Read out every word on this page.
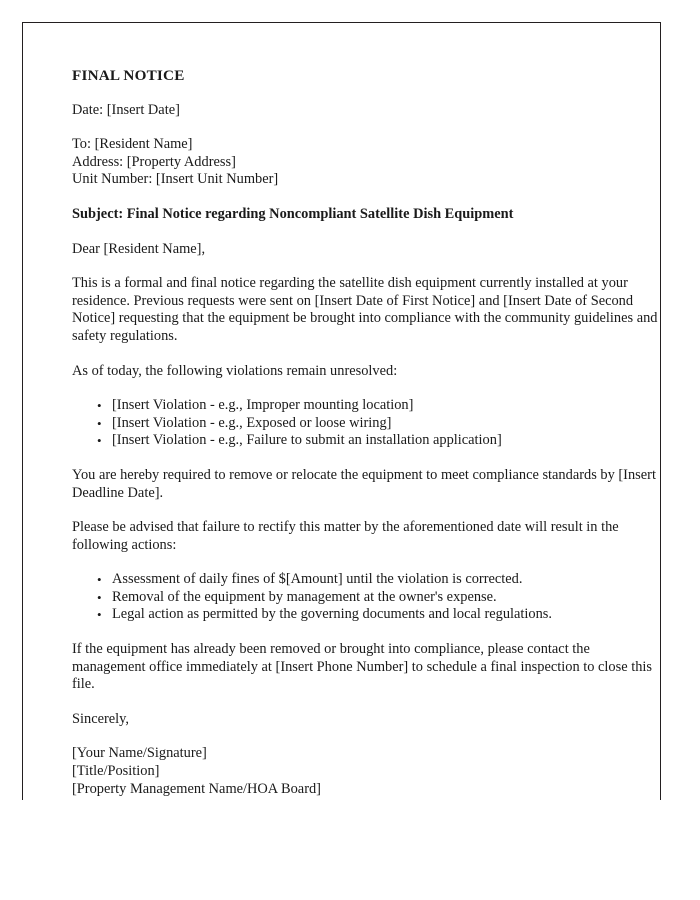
FINAL NOTICE
Date: [Insert Date]
To: [Resident Name]
Address: [Property Address]
Unit Number: [Insert Unit Number]
Subject: Final Notice regarding Noncompliant Satellite Dish Equipment
Dear [Resident Name],
This is a formal and final notice regarding the satellite dish equipment currently installed at your residence. Previous requests were sent on [Insert Date of First Notice] and [Insert Date of Second Notice] requesting that the equipment be brought into compliance with the community guidelines and safety regulations.
As of today, the following violations remain unresolved:
• [Insert Violation - e.g., Improper mounting location]
• [Insert Violation - e.g., Exposed or loose wiring]
• [Insert Violation - e.g., Failure to submit an installation application]
You are hereby required to remove or relocate the equipment to meet compliance standards by [Insert Deadline Date].
Please be advised that failure to rectify this matter by the aforementioned date will result in the following actions:
• Assessment of daily fines of $[Amount] until the violation is corrected.
• Removal of the equipment by management at the owner's expense.
• Legal action as permitted by the governing documents and local regulations.
If the equipment has already been removed or brought into compliance, please contact the management office immediately at [Insert Phone Number] to schedule a final inspection to close this file.
Sincerely,
[Your Name/Signature]
[Title/Position]
[Property Management Name/HOA Board]
